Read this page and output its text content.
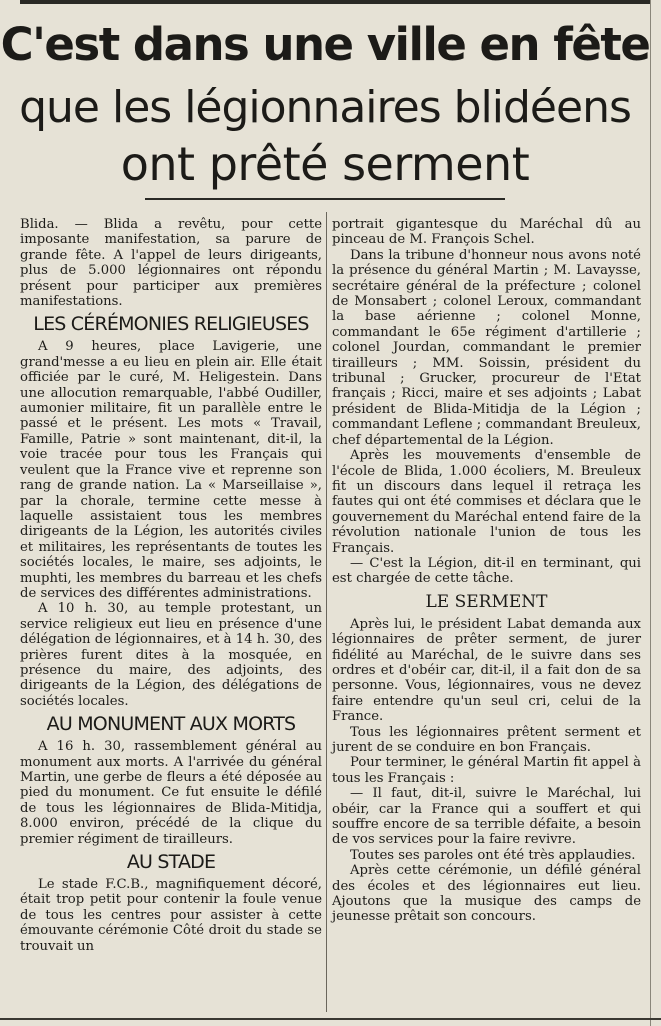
C'est dans une ville en fête
que les légionnaires blidéens
ont prêté serment

Blida. — Blida a revêtu, pour cette imposante manifestation, sa parure de grande fête. A l'appel de leurs dirigeants, plus de 5.000 légionnaires ont répondu présent pour participer aux premières manifestations.

LES CÉRÉMONIES RELIGIEUSES

A 9 heures, place Lavigerie, une grand'messe a eu lieu en plein air. Elle était officiée par le curé, M. Heligestein. Dans une allocution remarquable, l'abbé Oudiller, aumonier militaire, fit un parallèle entre le passé et le présent. Les mots « Travail, Famille, Patrie » sont maintenant, dit-il, la voie tracée pour tous les Français qui veulent que la France vive et reprenne son rang de grande nation. La « Marseillaise », par la chorale, termine cette messe à laquelle assistaient tous les membres dirigeants de la Légion, les autorités civiles et militaires, les représentants de toutes les sociétés locales, le maire, ses adjoints, le muphti, les membres du barreau et les chefs de services des différentes administrations.

A 10 h. 30, au temple protestant, un service religieux eut lieu en présence d'une délégation de légionnaires, et à 14 h. 30, des prières furent dites à la mosquée, en présence du maire, des adjoints, des dirigeants de la Légion, des délégations de sociétés locales.

AU MONUMENT AUX MORTS

A 16 h. 30, rassemblement général au monument aux morts. A l'arrivée du général Martin, une gerbe de fleurs a été déposée au pied du monument. Ce fut ensuite le défilé de tous les légionnaires de Blida-Mitidja, 8.000 environ, précédé de la clique du premier régiment de tirailleurs.

AU STADE

Le stade F.C.B., magnifiquement décoré, était trop petit pour contenir la foule venue de tous les centres pour assister à cette émouvante cérémonie Côté droit du stade se trouvait un

portrait gigantesque du Maréchal dû au pinceau de M. François Schel.

Dans la tribune d'honneur nous avons noté la présence du général Martin ; M. Lavaysse, secrétaire général de la préfecture ; colonel de Monsabert ; colonel Leroux, commandant la base aérienne ; colonel Monne, commandant le 65e régiment d'artillerie ; colonel Jourdan, commandant le premier tirailleurs ; MM. Soissin, président du tribunal ; Grucker, procureur de l'Etat français ; Ricci, maire et ses adjoints ; Labat président de Blida-Mitidja de la Légion ; commandant Leflene ; commandant Breuleux, chef départemental de la Légion.

Après les mouvements d'ensemble de l'école de Blida, 1.000 écoliers, M. Breuleux fit un discours dans lequel il retraça les fautes qui ont été commises et déclara que le gouvernement du Maréchal entend faire de la révolution nationale l'union de tous les Français.

— C'est la Légion, dit-il en terminant, qui est chargée de cette tâche.

LE SERMENT

Après lui, le président Labat demanda aux légionnaires de prêter serment, de jurer fidélité au Maréchal, de le suivre dans ses ordres et d'obéir car, dit-il, il a fait don de sa personne. Vous, légionnaires, vous ne devez faire entendre qu'un seul cri, celui de la France.

Tous les légionnaires prêtent serment et jurent de se conduire en bon Français.

Pour terminer, le général Martin fit appel à tous les Français :

— Il faut, dit-il, suivre le Maréchal, lui obéir, car la France qui a souffert et qui souffre encore de sa terrible défaite, a besoin de vos services pour la faire revivre.

Toutes ses paroles ont été très applaudies.

Après cette cérémonie, un défilé général des écoles et des légionnaires eut lieu. Ajoutons que la musique des camps de jeunesse prêtait son concours.
